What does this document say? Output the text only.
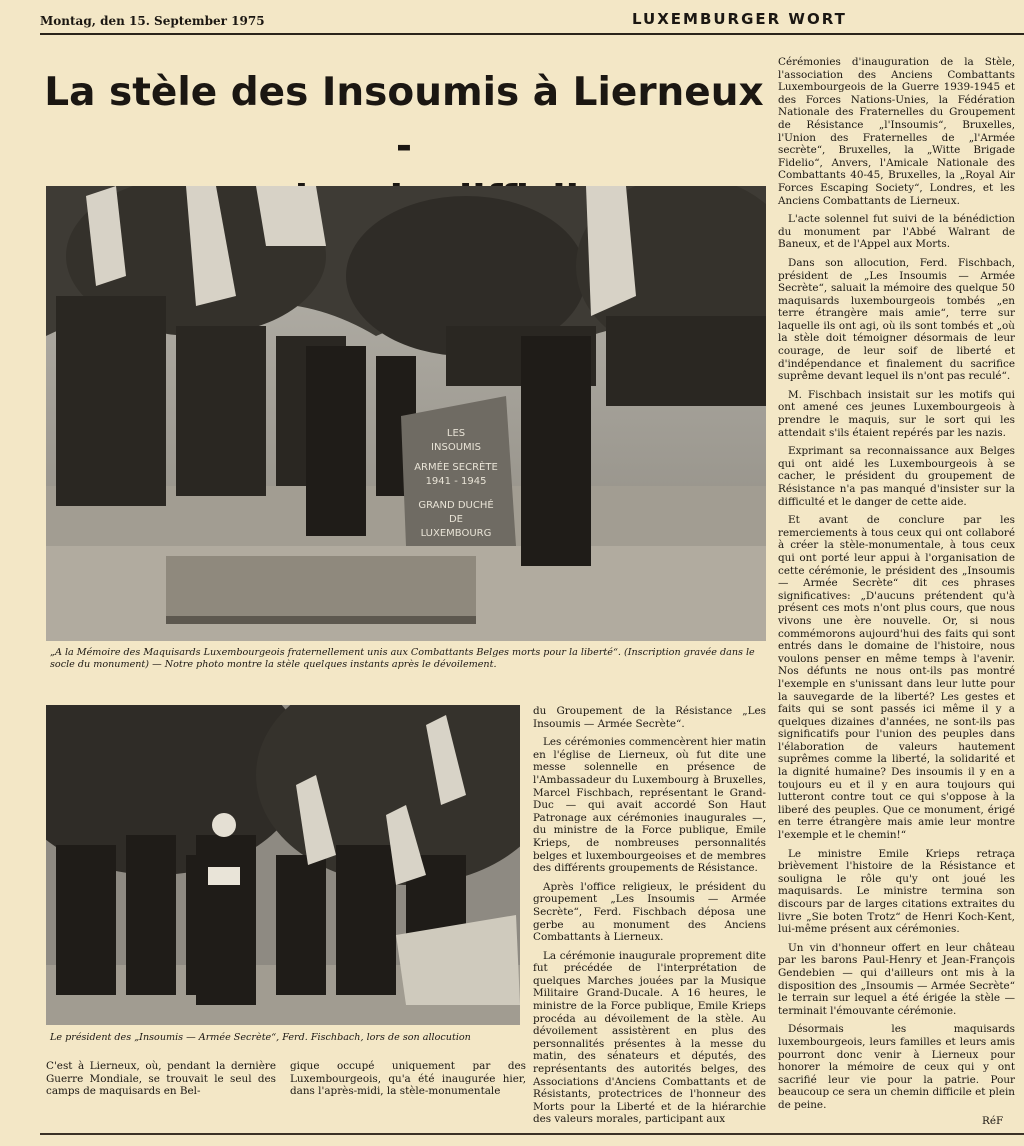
Montag, den 15. September 1975	LUXEMBURGER WORT
La stèle des Insoumis à Lierneux -
LES
INSOUMIS
ARMÉE SECRÈTE
1941 - 1945
GRAND DUCHÉ
DE
LUXEMBOURG
„A la Mémoire des Maquisards Luxembourgeois fraternellement unis aux Combattants Belges morts pour la liberté“. (Inscription gravée dans le socle du monument) — Notre photo montre la stèle quelques instants après le dévoilement.
Le président des „Insoumis — Armée Secrète“, Ferd. Fischbach, lors de son allocution

Cérémonies d'inauguration de la Stèle, l'association des Anciens Combattants Luxembourgeois de la Guerre 1939-1945 et des Forces Nations-Unies, la Fédération Nationale des Fraternelles du Groupement de Résistance „l'Insoumis“, Bruxelles, l'Union des Fraternelles de „l'Armée secrète“, Bruxelles, la „Witte Brigade Fidelio“, Anvers, l'Amicale Nationale des Combattants 40-45, Bruxelles, la „Royal Air Forces Escaping Society“, Londres, et les Anciens Combattants de Lierneux.

L'acte solennel fut suivi de la bénédiction du monument par l'Abbé Walrant de Baneux, et de l'Appel aux Morts.

Dans son allocution, Ferd. Fischbach, président de „Les Insoumis — Armée Secrète“, saluait la mémoire des quelque 50 maquisards luxembourgeois tombés „en terre étrangère mais amie“, terre sur laquelle ils ont agi, où ils sont tombés et „où la stèle doit témoigner désormais de leur courage, de leur soif de liberté et d'indépendance et finalement du sacrifice suprême devant lequel ils n'ont pas reculé“.

M. Fischbach insistait sur les motifs qui ont amené ces jeunes Luxembourgeois à prendre le maquis, sur le sort qui les attendait s'ils étaient repérés par les nazis.

Exprimant sa reconnaissance aux Belges qui ont aidé les Luxembourgeois à se cacher, le président du groupement de Résistance n'a pas manqué d'insister sur la difficulté et le danger de cette aide.

Et avant de conclure par les remerciements à tous ceux qui ont collaboré à créer la stèle-monumentale, à tous ceux qui ont porté leur appui à l'organisation de cette cérémonie, le président des „Insoumis — Armée Secrète“ dit ces phrases significatives: „D'aucuns prétendent qu'à présent ces mots n'ont plus cours, que nous vivons une ère nouvelle. Or, si nous commémorons aujourd'hui des faits qui sont entrés dans le domaine de l'histoire, nous voulons penser en même temps à l'avenir. Nos défunts ne nous ont-ils pas montré l'exemple en s'unissant dans leur lutte pour la sauvegarde de la liberté? Les gestes et faits qui se sont passés ici même il y a quelques dizaines d'années, ne sont-ils pas significatifs pour l'union des peuples dans l'élaboration de valeurs hautement suprêmes comme la liberté, la solidarité et la dignité humaine? Des insoumis il y en a toujours eu et il y en aura toujours qui lutteront contre tout ce qui s'oppose à la liberé des peuples. Que ce monument, érigé en terre étrangère mais amie leur montre l'exemple et le chemin!“

Le ministre Emile Krieps retraça brièvement l'histoire de la Résistance et souligna le rôle qu'y ont joué les maquisards. Le ministre termina son discours par de larges citations extraites du livre „Sie boten Trotz“ de Henri Koch-Kent, lui-même présent aux cérémonies.

Un vin d'honneur offert en leur château par les barons Paul-Henry et Jean-François Gendebien — qui d'ailleurs ont mis à la disposition des „Insoumis — Armée Secrète“ le terrain sur lequel a été érigée la stèle — terminait l'émouvante cérémonie.

Désormais les maquisards luxembourgeois, leurs familles et leurs amis pourront donc venir à Lierneux pour honorer la mémoire de ceux qui y ont sacrifié leur vie pour la patrie. Pour beaucoup ce sera un chemin difficile et plein de peine.

du Groupement de la Résistance „Les Insoumis — Armée Secrète“.

Les cérémonies commencèrent hier matin en l'église de Lierneux, où fut dite une messe solennelle en présence de l'Ambassadeur du Luxembourg à Bruxelles, Marcel Fischbach, représentant le Grand-Duc — qui avait accordé Son Haut Patronage aux cérémonies inaugurales —, du ministre de la Force publique, Emile Krieps, de nombreuses personnalités belges et luxembourgeoises et de membres des différents groupements de Résistance.

Après l'office religieux, le président du groupement „Les Insoumis — Armée Secrète“, Ferd. Fischbach déposa une gerbe au monument des Anciens Combattants à Lierneux.

La cérémonie inaugurale proprement dite fut précédée de l'interprétation de quelques Marches jouées par la Musique Militaire Grand-Ducale. A 16 heures, le ministre de la Force publique, Emile Krieps procéda au dévoilement de la stèle. Au dévoilement assistèrent en plus des personnalités présentes à la messe du matin, des sénateurs et députés, des représentants des autorités belges, des Associations d'Anciens Combattants et de Résistants, protectrices de l'honneur des Morts pour la Liberté et de la hiérarchie des valeurs morales, participant aux

C'est à Lierneux, où, pendant la dernière Guerre Mondiale, se trouvait le seul des camps de maquisards en Bel-
gique occupé uniquement par des Luxembourgeois, qu'a été inaugurée hier, dans l'après-midi, la stèle-monumentale
RéF
